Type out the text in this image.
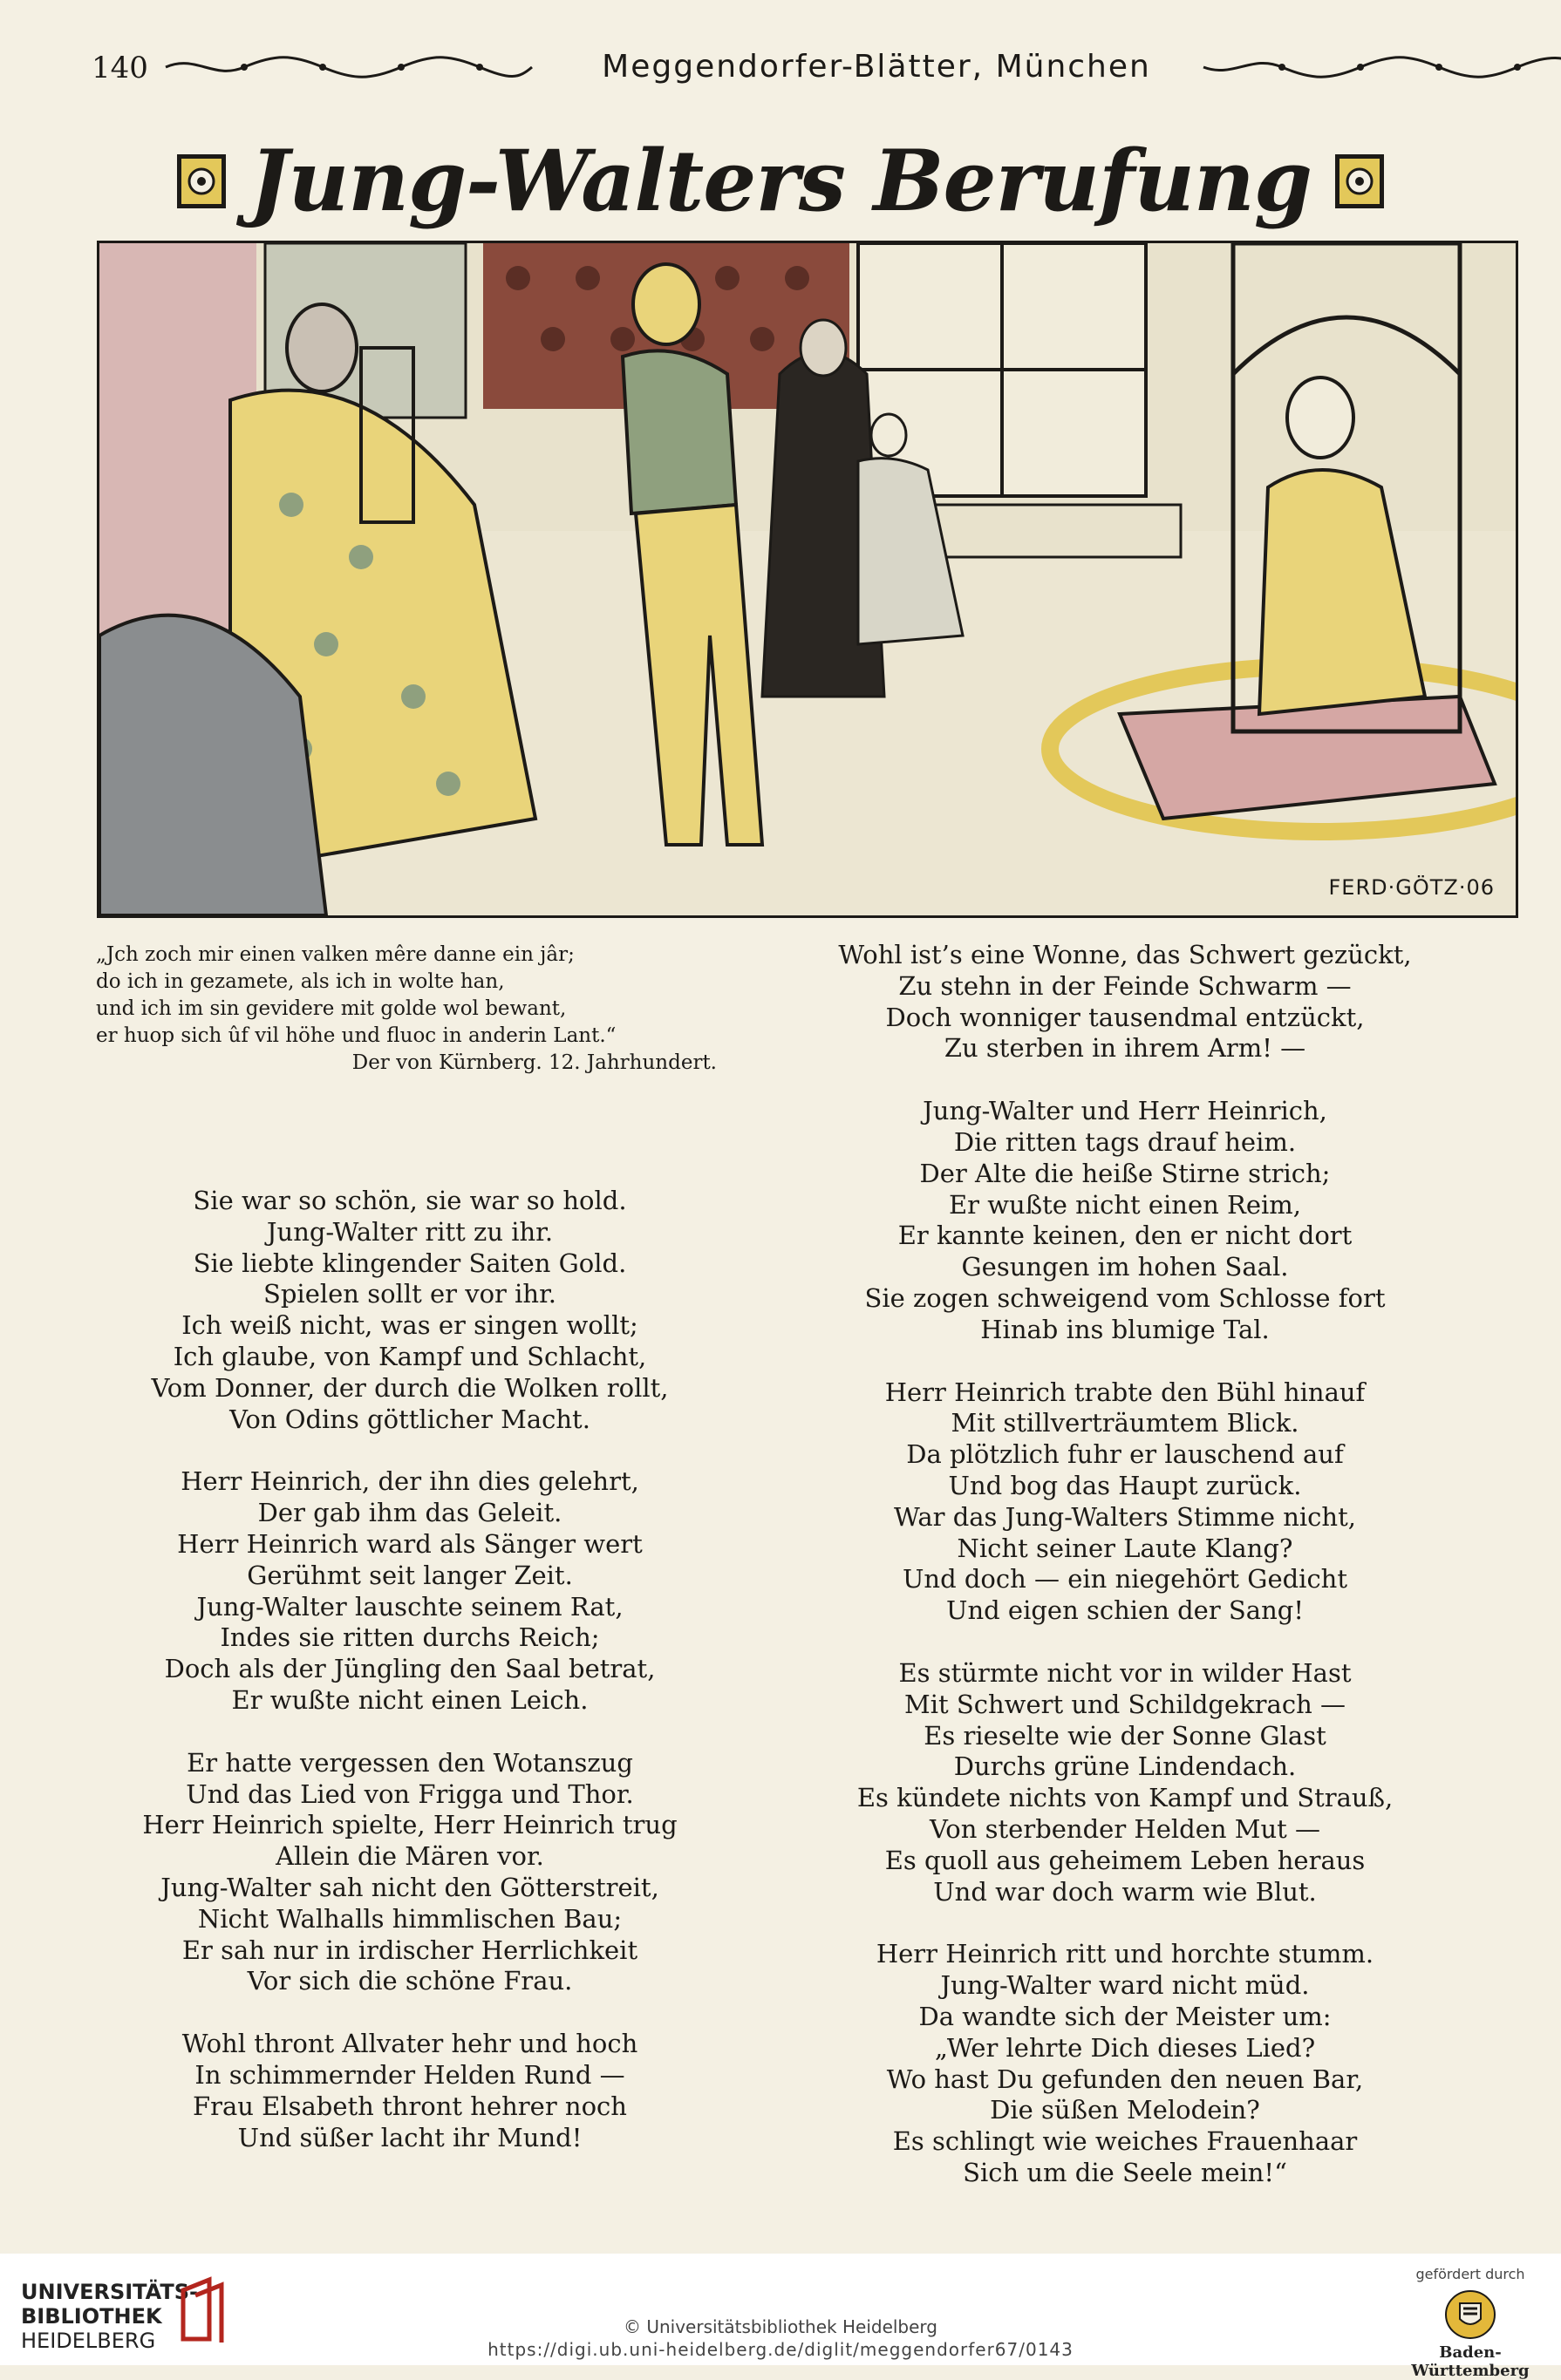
140	Meggendorfer-Blätter, München
Jung-Walters Berufung
FERD·GÖTZ·06
„Jch zoch mir einen valken mêre danne ein jâr;
do ich in gezamete, als ich in wolte han,
und ich im sin gevidere mit golde wol bewant,
er huop sich ûf vil höhe und fluoc in anderin Lant.“
Der von Kürnberg. 12. Jahrhundert.
Sie war so schön, sie war so hold.
Jung-Walter ritt zu ihr.
Sie liebte klingender Saiten Gold.
Spielen sollt er vor ihr.
Ich weiß nicht, was er singen wollt;
Ich glaube, von Kampf und Schlacht,
Vom Donner, der durch die Wolken rollt,
Von Odins göttlicher Macht.
Herr Heinrich, der ihn dies gelehrt,
Der gab ihm das Geleit.
Herr Heinrich ward als Sänger wert
Gerühmt seit langer Zeit.
Jung-Walter lauschte seinem Rat,
Indes sie ritten durchs Reich;
Doch als der Jüngling den Saal betrat,
Er wußte nicht einen Leich.
Er hatte vergessen den Wotanszug
Und das Lied von Frigga und Thor.
Herr Heinrich spielte, Herr Heinrich trug
Allein die Mären vor.
Jung-Walter sah nicht den Götterstreit,
Nicht Walhalls himmlischen Bau;
Er sah nur in irdischer Herrlichkeit
Vor sich die schöne Frau.
Wohl thront Allvater hehr und hoch
In schimmernder Helden Rund —
Frau Elsabeth thront hehrer noch
Und süßer lacht ihr Mund!
Wohl ist’s eine Wonne, das Schwert gezückt,
Zu stehn in der Feinde Schwarm —
Doch wonniger tausendmal entzückt,
Zu sterben in ihrem Arm! —
Jung-Walter und Herr Heinrich,
Die ritten tags drauf heim.
Der Alte die heiße Stirne strich;
Er wußte nicht einen Reim,
Er kannte keinen, den er nicht dort
Gesungen im hohen Saal.
Sie zogen schweigend vom Schlosse fort
Hinab ins blumige Tal.
Herr Heinrich trabte den Bühl hinauf
Mit stillverträumtem Blick.
Da plötzlich fuhr er lauschend auf
Und bog das Haupt zurück.
War das Jung-Walters Stimme nicht,
Nicht seiner Laute Klang?
Und doch — ein niegehört Gedicht
Und eigen schien der Sang!
Es stürmte nicht vor in wilder Hast
Mit Schwert und Schildgekrach —
Es rieselte wie der Sonne Glast
Durchs grüne Lindendach.
Es kündete nichts von Kampf und Strauß,
Von sterbender Helden Mut —
Es quoll aus geheimem Leben heraus
Und war doch warm wie Blut.
Herr Heinrich ritt und horchte stumm.
Jung-Walter ward nicht müd.
Da wandte sich der Meister um:
„Wer lehrte Dich dieses Lied?
Wo hast Du gefunden den neuen Bar,
Die süßen Melodein?
Es schlingt wie weiches Frauenhaar
Sich um die Seele mein!“
UNIVERSITÄTS-
BIBLIOTHEK
HEIDELBERG
© Universitätsbibliothek Heidelberg
https://digi.ub.uni-heidelberg.de/diglit/meggendorfer67/0143
gefördert durch
Baden-Württemberg
